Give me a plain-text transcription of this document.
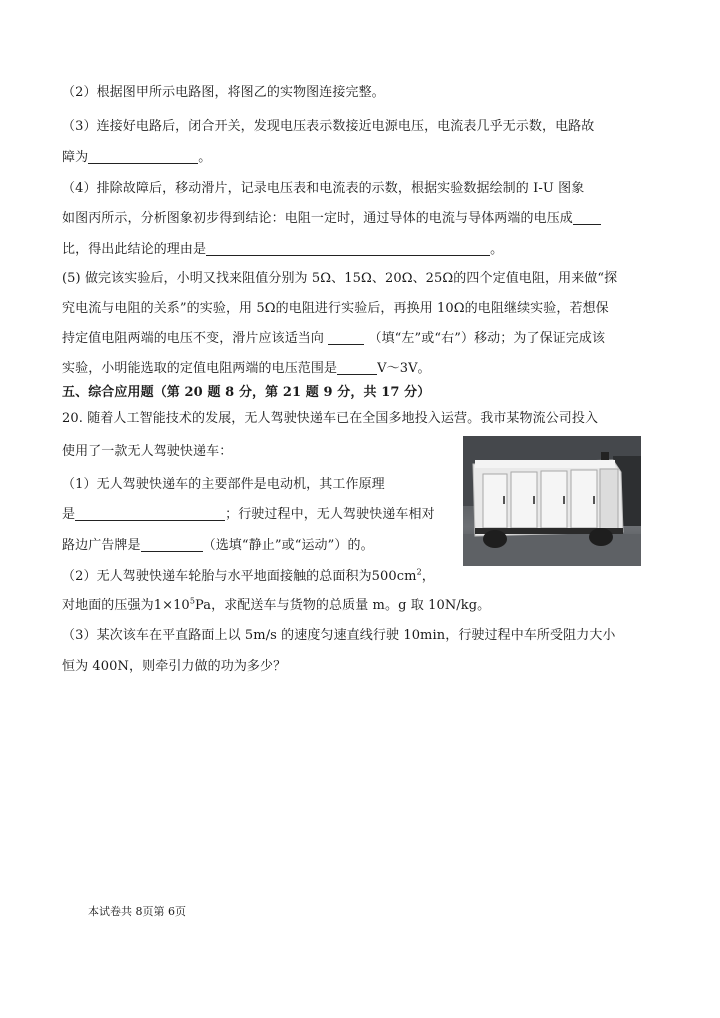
（2）根据图甲所示电路图，将图乙的实物图连接完整。
（3）连接好电路后，闭合开关，发现电压表示数接近电源电压，电流表几乎无示数，电路故
障为	。
（4）排除故障后，移动滑片，记录电压表和电流表的示数，根据实验数据绘制的 I-U 图象
如图丙所示，分析图象初步得到结论：电阻一定时，通过导体的电流与导体两端的电压成
比，得出此结论的理由是	。
(5) 做完该实验后，小明又找来阻值分别为 5Ω、15Ω、20Ω、25Ω的四个定值电阻，用来做“探
究电流与电阻的关系”的实验，用 5Ω的电阻进行实验后，再换用 10Ω的电阻继续实验，若想保
持定值电阻两端的电压不变，滑片应该适当向	（填“左”或“右”）移动；为了保证完成该
实验，小明能选取的定值电阻两端的电压范围是	V～3V。
五、综合应用题（第 20 题 8 分，第 21 题 9 分，共 17 分）
20. 随着人工智能技术的发展，无人驾驶快递车已在全国多地投入运营。我市某物流公司投入
使用了一款无人驾驶快递车：
（1）无人驾驶快递车的主要部件是电动机，其工作原理
是	；行驶过程中，无人驾驶快递车相对
路边广告牌是	（选填“静止”或“运动”）的。
（2）无人驾驶快递车轮胎与水平地面接触的总面积为$500cm^2$，
对地面的压强为$1\times 10^5Pa$，求配送车与货物的总质量 m。g 取 10N/kg。
（3）某次该车在平直路面上以 5m/s 的速度匀速直线行驶 10min，行驶过程中车所受阻力大小
恒为 400N，则牵引力做的功为多少？
本试卷共 8页第 6页
